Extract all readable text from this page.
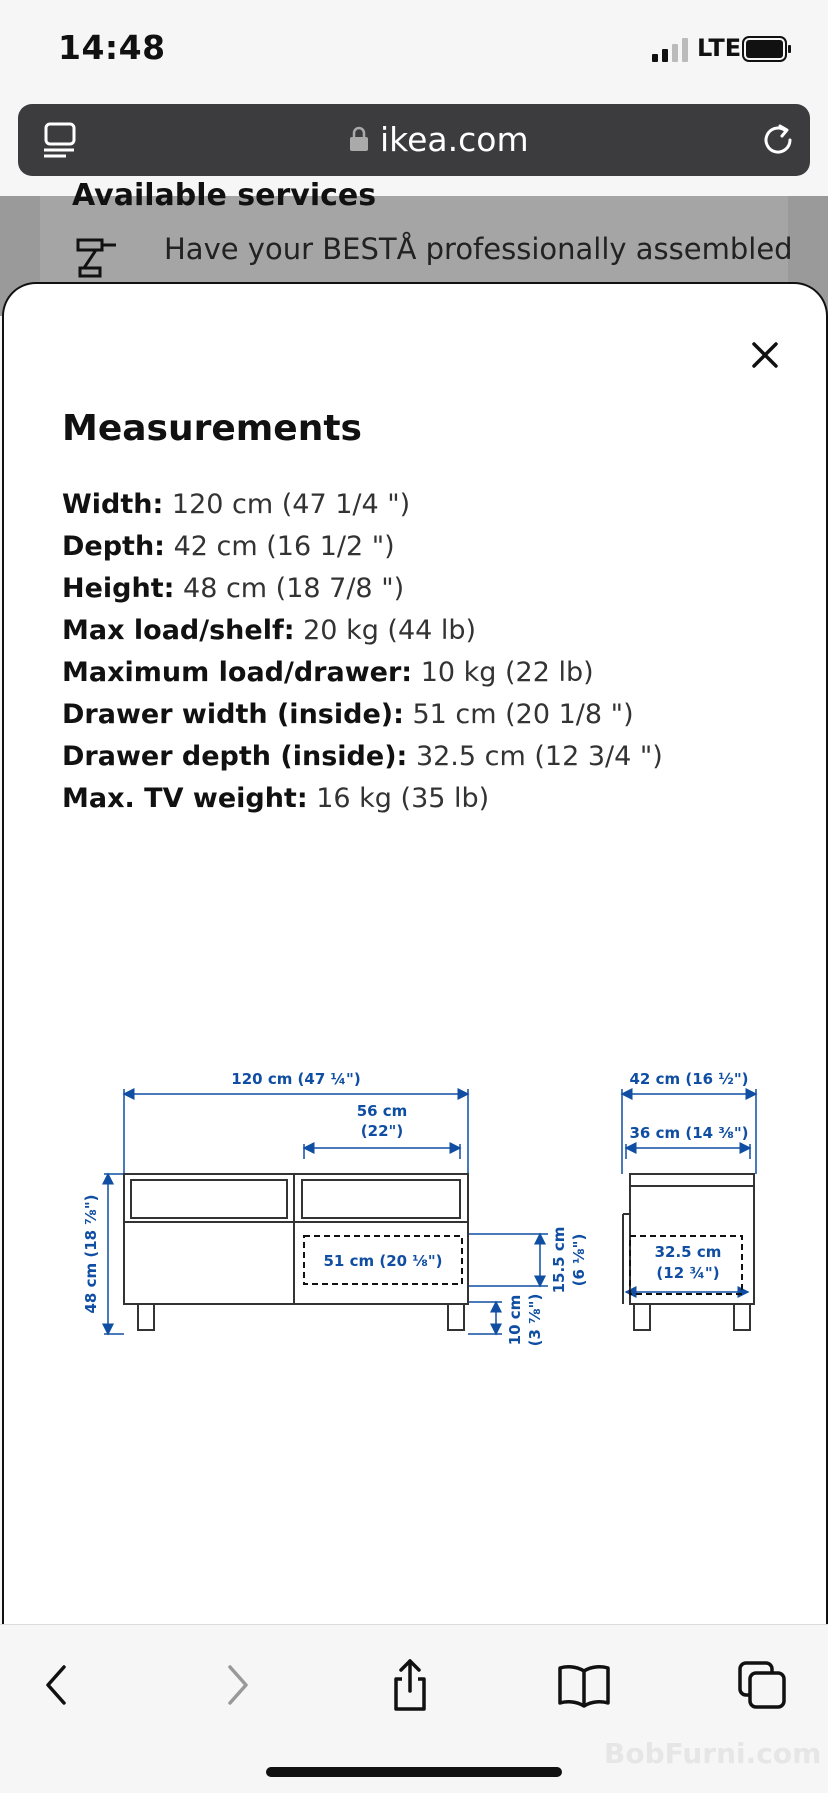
14:48	LTE
ikea.com
Available services
Have your BESTÅ professionally assembled
Measurements
Width: 120 cm (47 1/4 ")
Depth: 42 cm (16 1/2 ")
Height: 48 cm (18 7/8 ")
Max load/shelf: 20 kg (44 lb)
Maximum load/drawer: 10 kg (22 lb)
Drawer width (inside): 51 cm (20 1/8 ")
Drawer depth (inside): 32.5 cm (12 3/4 ")
Max. TV weight: 16 kg (35 lb)
120 cm (47 ¼")
56 cm
(22")
51 cm (20 ⅛")
48 cm (18 ⅞")	15.5 cm (6 ⅛")
10 cm (3 ⅞")
42 cm (16 ½")
36 cm (14 ⅜")
32.5 cm
(12 ¾")
BobFurni.com
